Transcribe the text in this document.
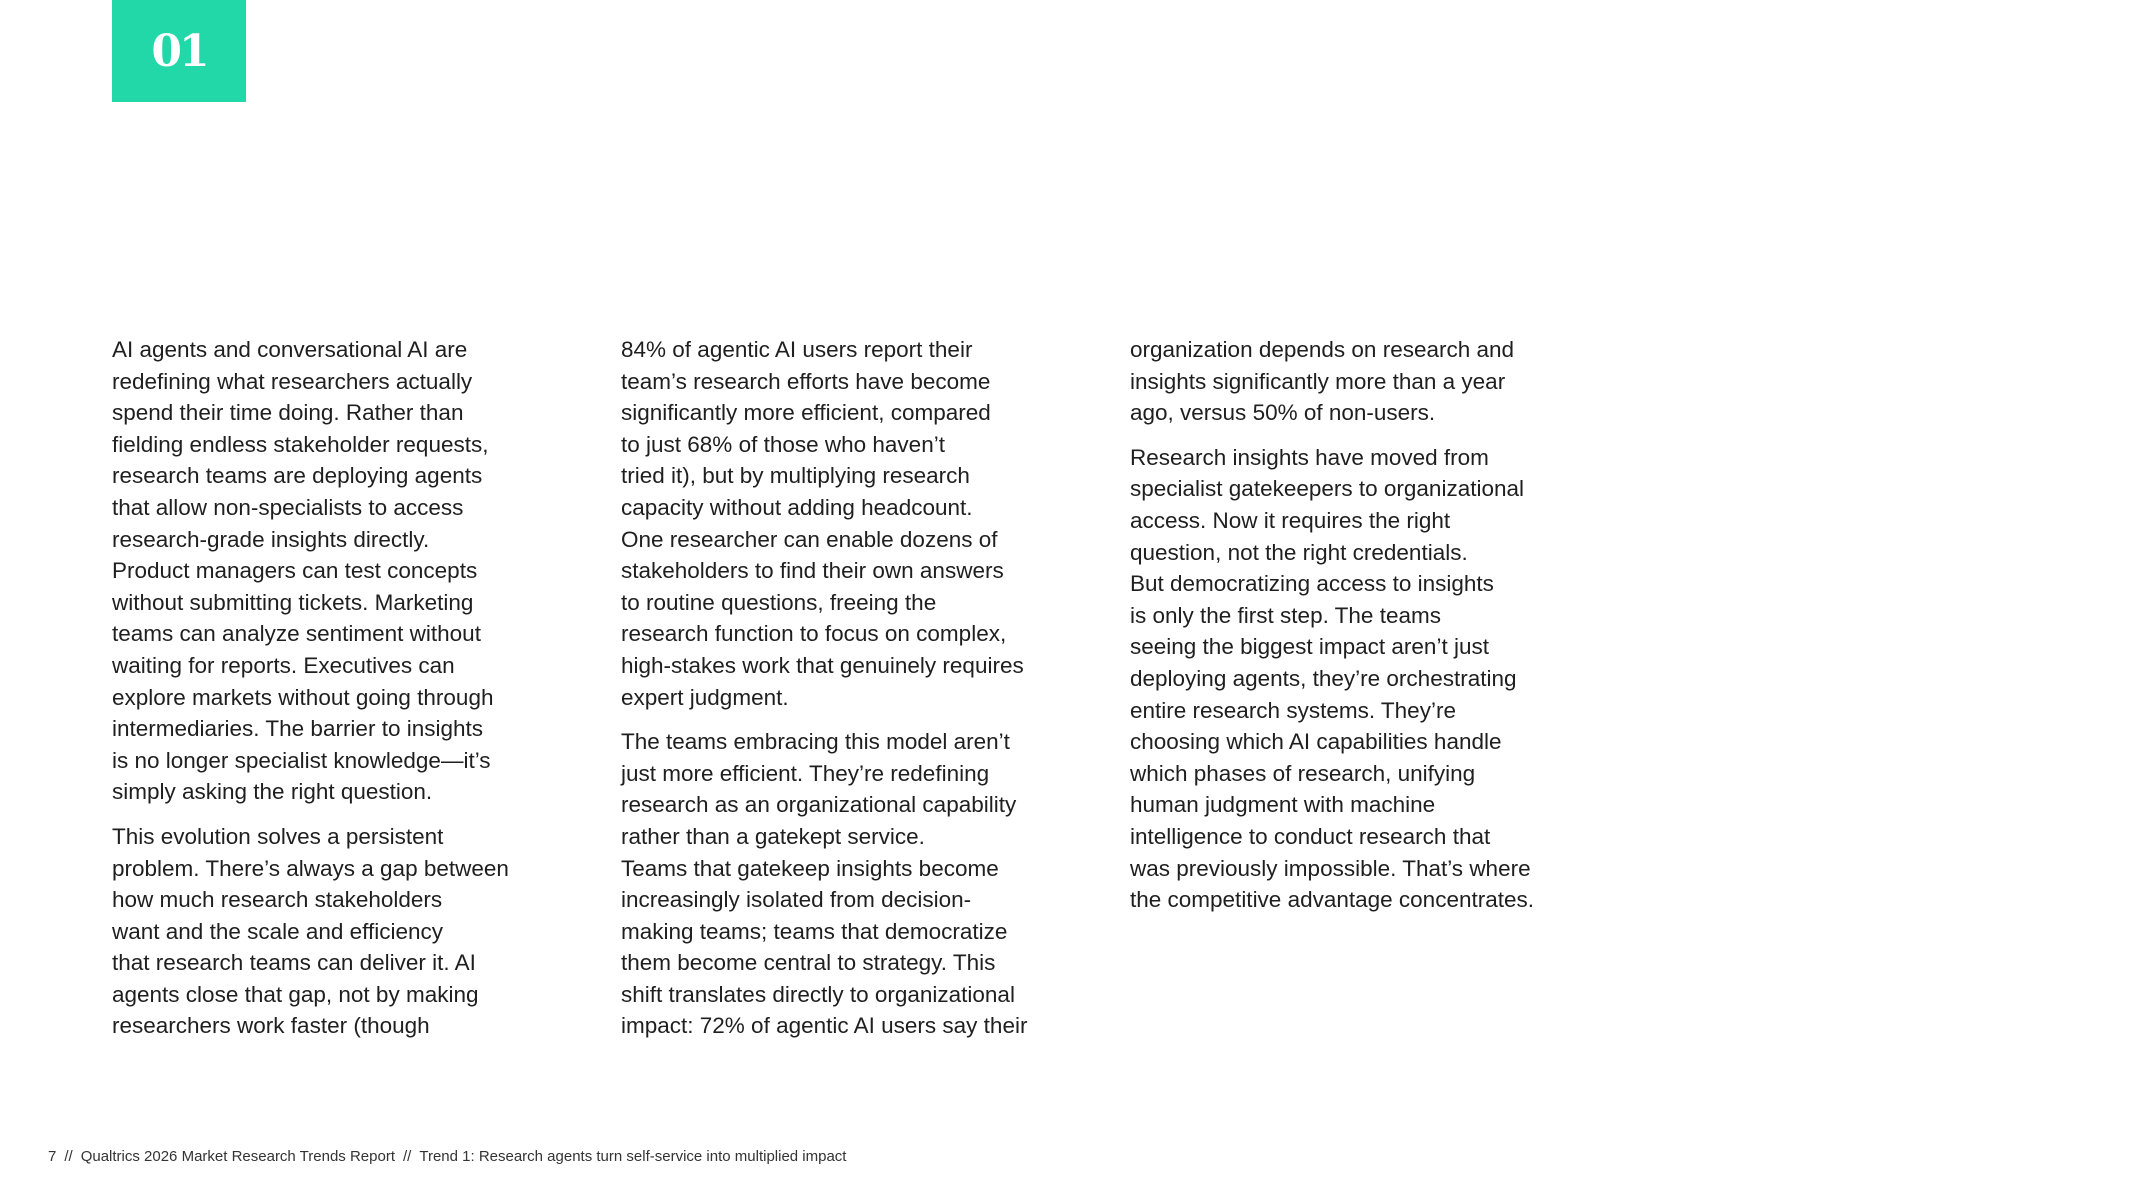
01
AI agents and conversational AI are
redefining what researchers actually
spend their time doing. Rather than
fielding endless stakeholder requests,
research teams are deploying agents
that allow non-specialists to access
research-grade insights directly.
Product managers can test concepts
without submitting tickets. Marketing
teams can analyze sentiment without
waiting for reports. Executives can
explore markets without going through
intermediaries. The barrier to insights
is no longer specialist knowledge—it’s
simply asking the right question.
This evolution solves a persistent
problem. There’s always a gap between
how much research stakeholders
want and the scale and efficiency
that research teams can deliver it. AI
agents close that gap, not by making
researchers work faster (though
84% of agentic AI users report their
team’s research efforts have become
significantly more efficient, compared
to just 68% of those who haven’t
tried it), but by multiplying research
capacity without adding headcount.
One researcher can enable dozens of
stakeholders to find their own answers
to routine questions, freeing the
research function to focus on complex,
high-stakes work that genuinely requires
expert judgment.
The teams embracing this model aren’t
just more efficient. They’re redefining
research as an organizational capability
rather than a gatekept service.
Teams that gatekeep insights become
increasingly isolated from decision-
making teams; teams that democratize
them become central to strategy. This
shift translates directly to organizational
impact: 72% of agentic AI users say their
organization depends on research and
insights significantly more than a year
ago, versus 50% of non-users.
Research insights have moved from
specialist gatekeepers to organizational
access. Now it requires the right
question, not the right credentials.
But democratizing access to insights
is only the first step. The teams
seeing the biggest impact aren’t just
deploying agents, they’re orchestrating
entire research systems. They’re
choosing which AI capabilities handle
which phases of research, unifying
human judgment with machine
intelligence to conduct research that
was previously impossible. That’s where
the competitive advantage concentrates.
7 // Qualtrics 2026 Market Research Trends Report // Trend 1: Research agents turn self-service into multiplied impact
